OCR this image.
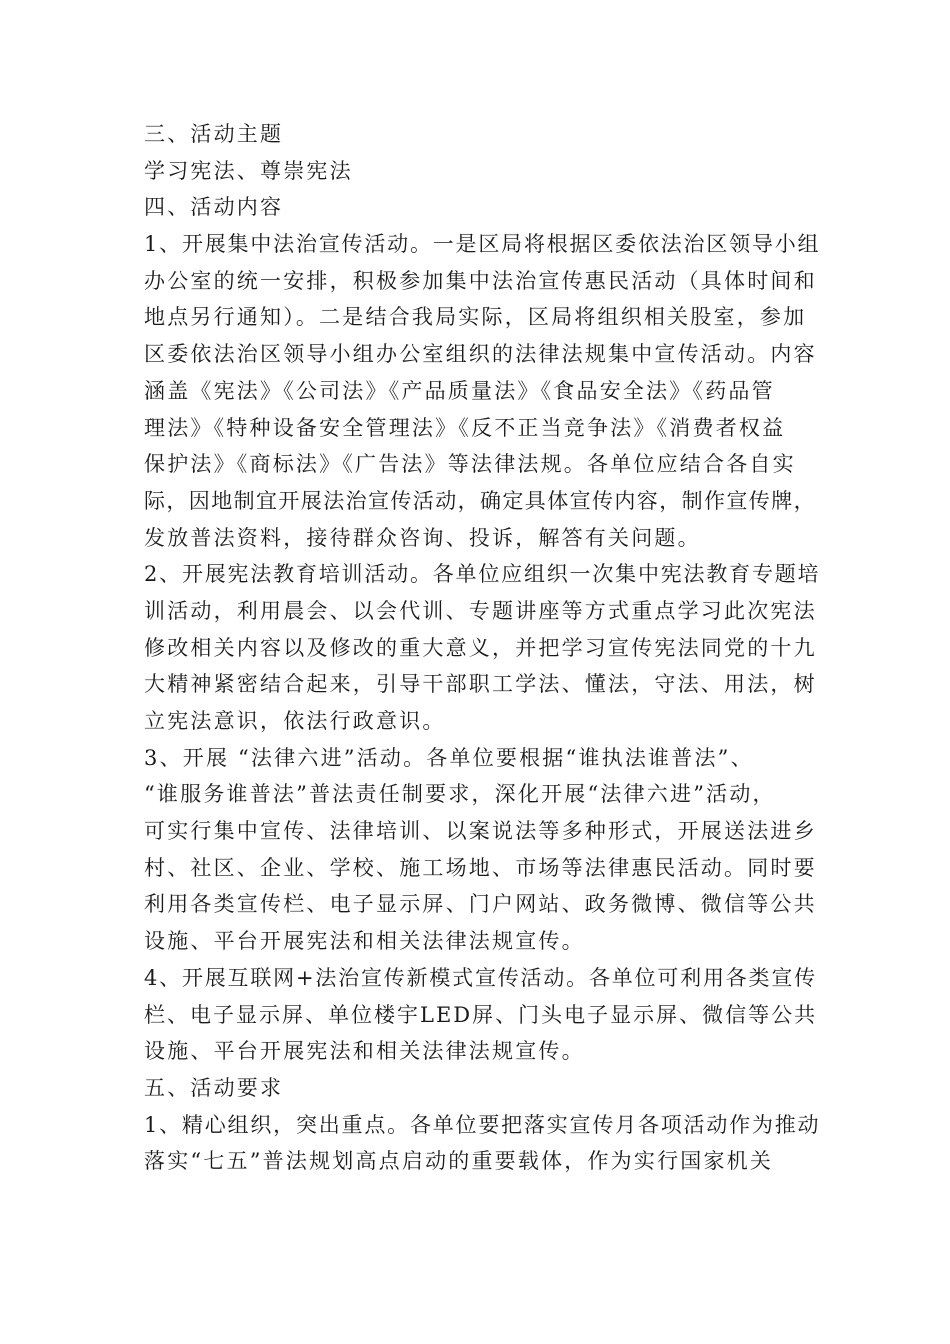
三、活动主题
学习宪法、尊崇宪法
四、活动内容
1、开展集中法治宣传活动。一是区局将根据区委依法治区领导小组
办公室的统一安排，积极参加集中法治宣传惠民活动（具体时间和
地点另行通知）。二是结合我局实际，区局将组织相关股室，参加
区委依法治区领导小组办公室组织的法律法规集中宣传活动。内容
涵盖《宪法》《公司法》《产品质量法》《食品安全法》《药品管
理法》《特种设备安全管理法》《反不正当竞争法》《消费者权益
保护法》《商标法》《广告法》等法律法规。各单位应结合各自实
际，因地制宜开展法治宣传活动，确定具体宣传内容，制作宣传牌，
发放普法资料，接待群众咨询、投诉，解答有关问题。
2、开展宪法教育培训活动。各单位应组织一次集中宪法教育专题培
训活动，利用晨会、以会代训、专题讲座等方式重点学习此次宪法
修改相关内容以及修改的重大意义，并把学习宣传宪法同党的十九
大精神紧密结合起来，引导干部职工学法、懂法，守法、用法，树
立宪法意识，依法行政意识。
3、开展 “法律六进”活动。各单位要根据“谁执法谁普法”、
“谁服务谁普法”普法责任制要求，深化开展“法律六进”活动，
可实行集中宣传、法律培训、以案说法等多种形式，开展送法进乡
村、社区、企业、学校、施工场地、市场等法律惠民活动。同时要
利用各类宣传栏、电子显示屏、门户网站、政务微博、微信等公共
设施、平台开展宪法和相关法律法规宣传。
4、开展互联网+法治宣传新模式宣传活动。各单位可利用各类宣传
栏、电子显示屏、单位楼宇LED屏、门头电子显示屏、微信等公共
设施、平台开展宪法和相关法律法规宣传。
五、活动要求
1、精心组织，突出重点。各单位要把落实宣传月各项活动作为推动
落实“七五”普法规划高点启动的重要载体，作为实行国家机关
